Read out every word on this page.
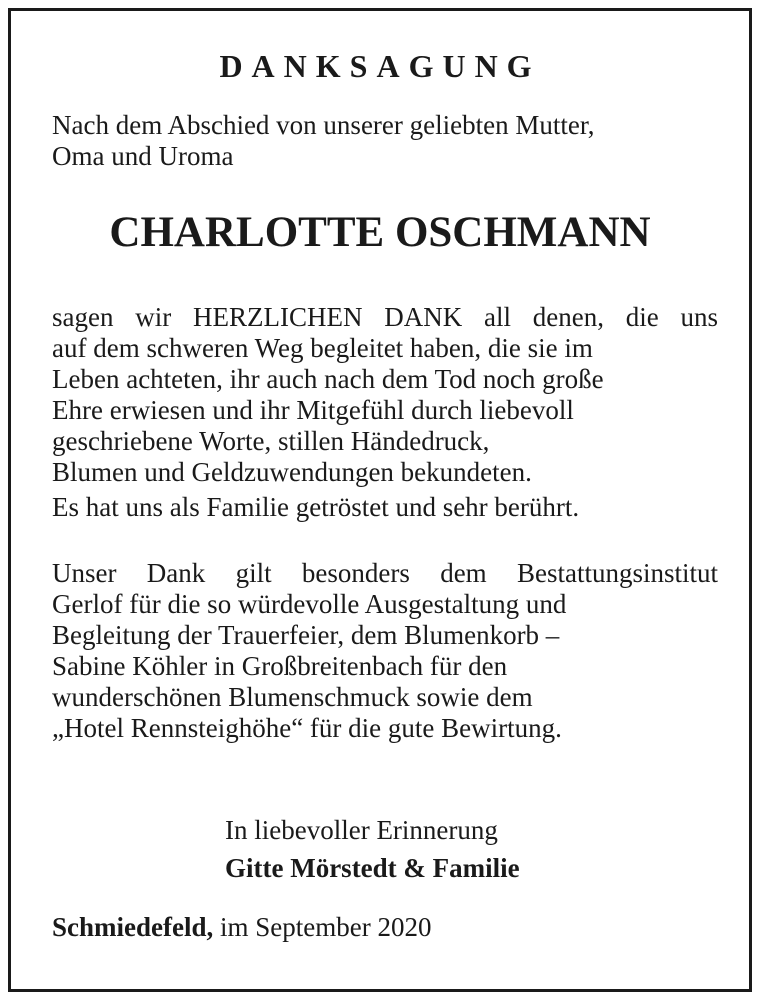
DANKSAGUNG

Nach dem Abschied von unserer geliebten Mutter,
Oma und Uroma

CHARLOTTE OSCHMANN

sagen wir HERZLICHEN DANK all denen, die uns
auf dem schweren Weg begleitet haben, die sie im
Leben achteten, ihr auch nach dem Tod noch große
Ehre erwiesen und ihr Mitgefühl durch liebevoll
geschriebene Worte, stillen Händedruck,
Blumen und Geldzuwendungen bekundeten.
Es hat uns als Familie getröstet und sehr berührt.

Unser Dank gilt besonders dem Bestattungsinstitut
Gerlof für die so würdevolle Ausgestaltung und
Begleitung der Trauerfeier, dem Blumenkorb –
Sabine Köhler in Großbreitenbach für den
wunderschönen Blumenschmuck sowie dem
„Hotel Rennsteighöhe“ für die gute Bewirtung.

In liebevoller Erinnerung

Gitte Mörstedt & Familie

Schmiedefeld, im September 2020
